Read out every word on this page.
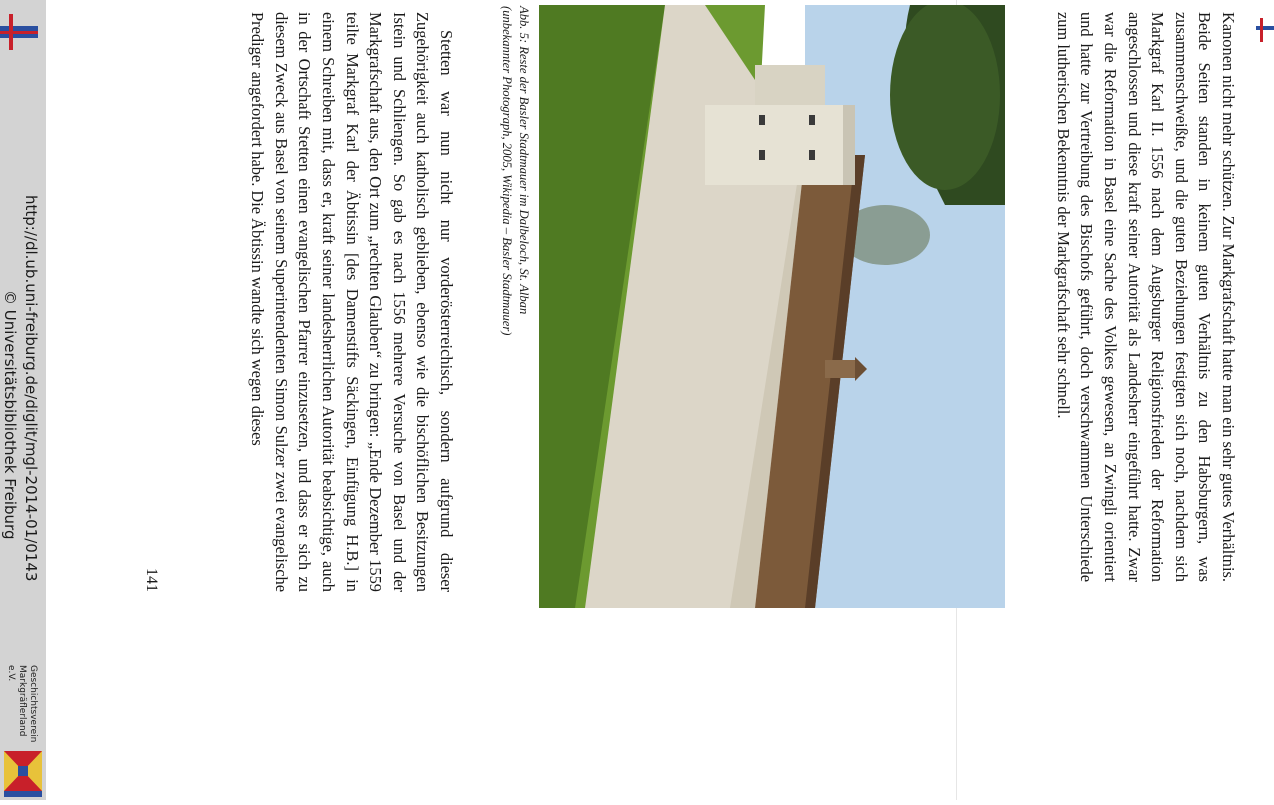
http://dl.ub.uni-freiburg.de/diglit/mgl-2014-01/0143
© Universitätsbibliothek Freiburg
Geschichtsverein Markgräflerland e.V.
Kanonen nicht mehr schützen. Zur Markgrafschaft hatte man ein sehr gutes Verhältnis. Beide Seiten standen in keinem guten Verhältnis zu den Habsburgern, was zusammenschweißte, und die guten Beziehungen festigten sich noch, nachdem sich Markgraf Karl II. 1556 nach dem Augsburger Religionsfrieden der Reformation angeschlossen und diese kraft seiner Autorität als Landesherr eingeführt hatte. Zwar war die Reformation in Basel eine Sache des Volkes gewesen, an Zwingli orientiert und hatte zur Vertreibung des Bischofs geführt, doch verschwammen Unterschiede zum lutherischen Bekenntnis der Markgrafschaft sehr schnell.
Abb. 5: Reste der Basler Stadtmauer im Dalbeloch, St. Alban
(unbekannter Photograph, 2005, Wikipedia – Basler Stadtmauer)
Stetten war nun nicht nur vorderösterreichisch, sondern aufgrund dieser Zugehörigkeit auch katholisch geblieben, ebenso wie die bischöflichen Besitzungen Istein und Schliengen. So gab es nach 1556 mehrere Versuche von Basel und der Markgrafschaft aus, den Ort zum „rechten Glauben“ zu bringen: „Ende Dezember 1559 teilte Markgraf Karl der Äbtissin [des Damenstifts Säckingen, Einfügung H.B.] in einem Schreiben mit, dass er, kraft seiner landesherrlichen Autorität beabsichtige, auch in der Ortschaft Stetten einen evangelischen Pfarrer einzusetzen, und dass er sich zu diesem Zweck aus Basel von seinem Superintendenten Simon Sulzer zwei evangelische Prediger angefordert habe. Die Äbtissin wandte sich wegen dieses
141
